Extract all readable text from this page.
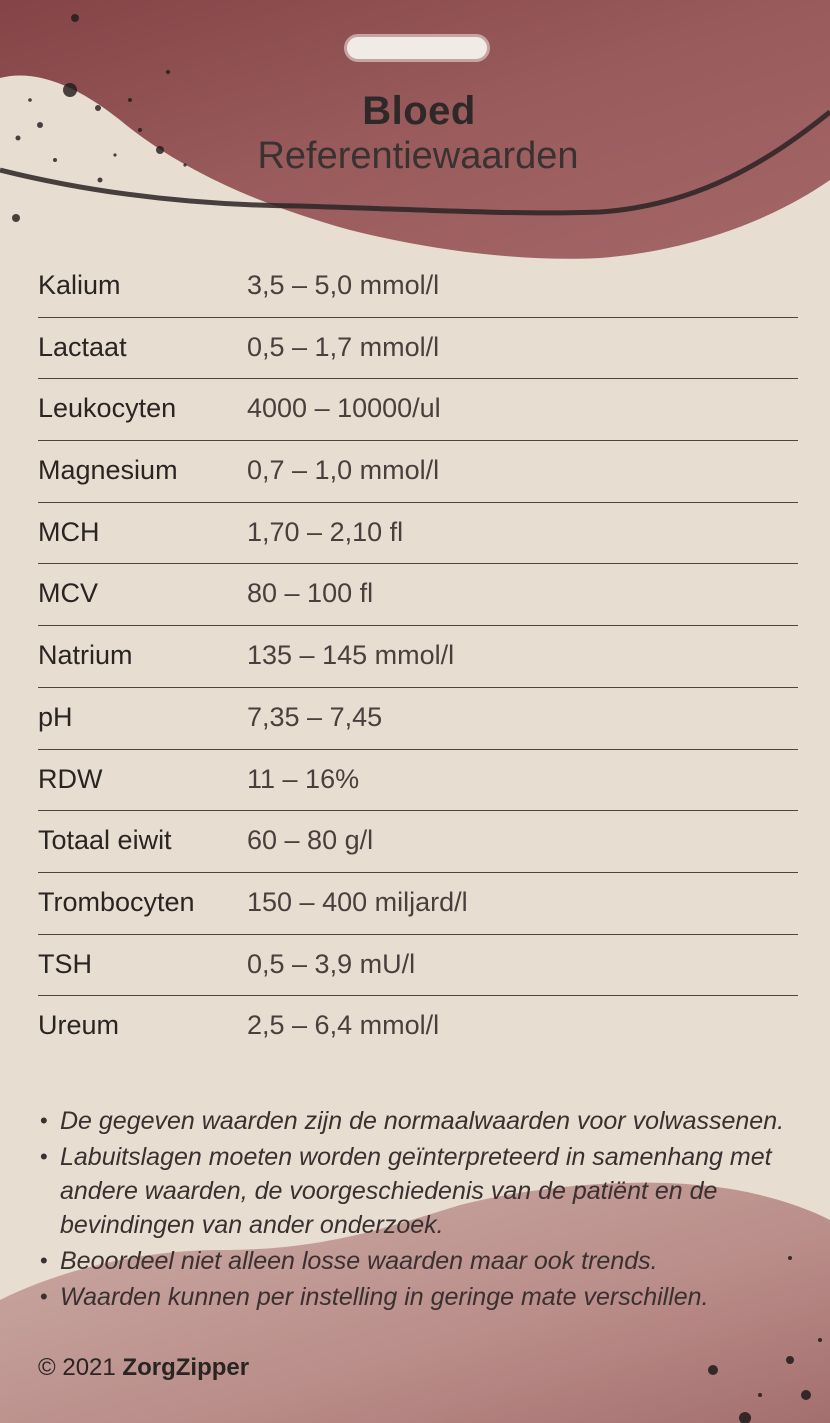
Bloed
Referentiewaarden
Kalium	3,5 – 5,0 mmol/l
Lactaat	0,5 – 1,7 mmol/l
Leukocyten	4000 – 10000/ul
Magnesium	0,7 – 1,0 mmol/l
MCH	1,70 – 2,10 fl
MCV	80 – 100 fl
Natrium	135 – 145 mmol/l
pH	7,35 – 7,45
RDW	11 – 16%
Totaal eiwit	60 – 80 g/l
Trombocyten 150 – 400 miljard/l
TSH	0,5 – 3,9 mU/l
Ureum	2,5 – 6,4 mmol/l
• De gegeven waarden zijn de normaalwaarden voor volwassenen.
• Labuitslagen moeten worden geïnterpreteerd in samenhang met andere waarden, de voorgeschiedenis van de patiënt en de bevindingen van ander onderzoek.
• Beoordeel niet alleen losse waarden maar ook trends.
• Waarden kunnen per instelling in geringe mate verschillen.
© 2021 ZorgZipper
